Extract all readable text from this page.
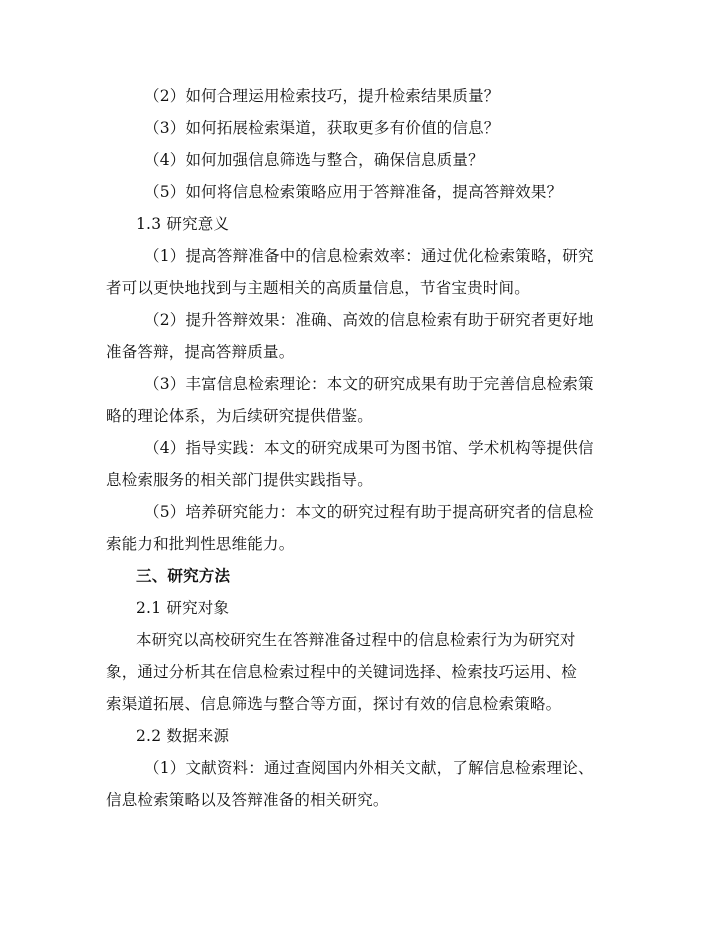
（2）如何合理运用检索技巧，提升检索结果质量？
（3）如何拓展检索渠道，获取更多有价值的信息？
（4）如何加强信息筛选与整合，确保信息质量？
（5）如何将信息检索策略应用于答辩准备，提高答辩效果？
1.3 研究意义
（1）提高答辩准备中的信息检索效率：通过优化检索策略，研究
者可以更快地找到与主题相关的高质量信息，节省宝贵时间。
（2）提升答辩效果：准确、高效的信息检索有助于研究者更好地
准备答辩，提高答辩质量。
（3）丰富信息检索理论：本文的研究成果有助于完善信息检索策
略的理论体系，为后续研究提供借鉴。
（4）指导实践：本文的研究成果可为图书馆、学术机构等提供信
息检索服务的相关部门提供实践指导。
（5）培养研究能力：本文的研究过程有助于提高研究者的信息检
索能力和批判性思维能力。
三、研究方法
2.1 研究对象
本研究以高校研究生在答辩准备过程中的信息检索行为为研究对
象，通过分析其在信息检索过程中的关键词选择、检索技巧运用、检
索渠道拓展、信息筛选与整合等方面，探讨有效的信息检索策略。
2.2 数据来源
（1）文献资料：通过查阅国内外相关文献，了解信息检索理论、
信息检索策略以及答辩准备的相关研究。
